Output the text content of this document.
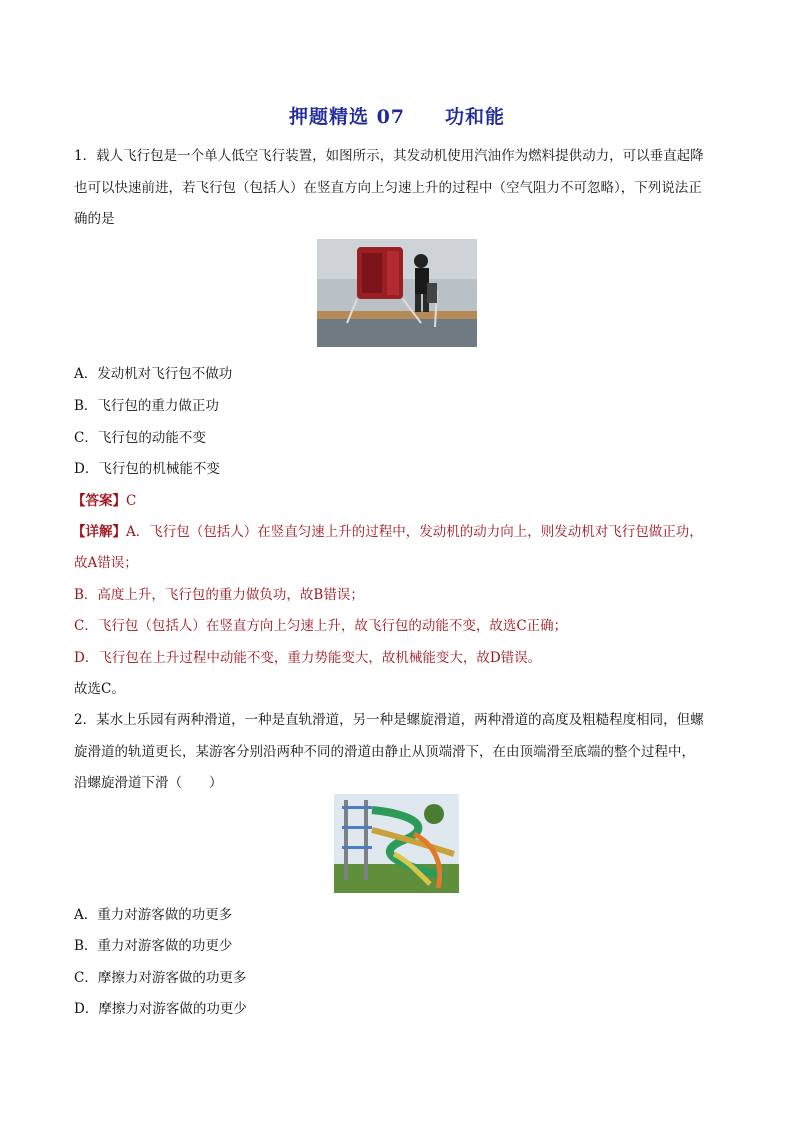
押题精选 07 功和能
1．载人飞行包是一个单人低空飞行装置，如图所示，其发动机使用汽油作为燃料提供动力，可以垂直起降
也可以快速前进，若飞行包（包括人）在竖直方向上匀速上升的过程中（空气阻力不可忽略），下列说法正
确的是
A．发动机对飞行包不做功
B．飞行包的重力做正功
C．飞行包的动能不变
D．飞行包的机械能不变
【答案】C
【详解】A．飞行包（包括人）在竖直匀速上升的过程中，发动机的动力向上，则发动机对飞行包做正功，
故A错误；
B．高度上升，飞行包的重力做负功，故B错误；
C．飞行包（包括人）在竖直方向上匀速上升，故飞行包的动能不变，故选C正确；
D．飞行包在上升过程中动能不变，重力势能变大，故机械能变大，故D错误。
故选C。
2．某水上乐园有两种滑道，一种是直轨滑道，另一种是螺旋滑道，两种滑道的高度及粗糙程度相同，但螺
旋滑道的轨道更长，某游客分别沿两种不同的滑道由静止从顶端滑下，在由顶端滑至底端的整个过程中，
沿螺旋滑道下滑（　　）
A．重力对游客做的功更多
B．重力对游客做的功更少
C．摩擦力对游客做的功更多
D．摩擦力对游客做的功更少
